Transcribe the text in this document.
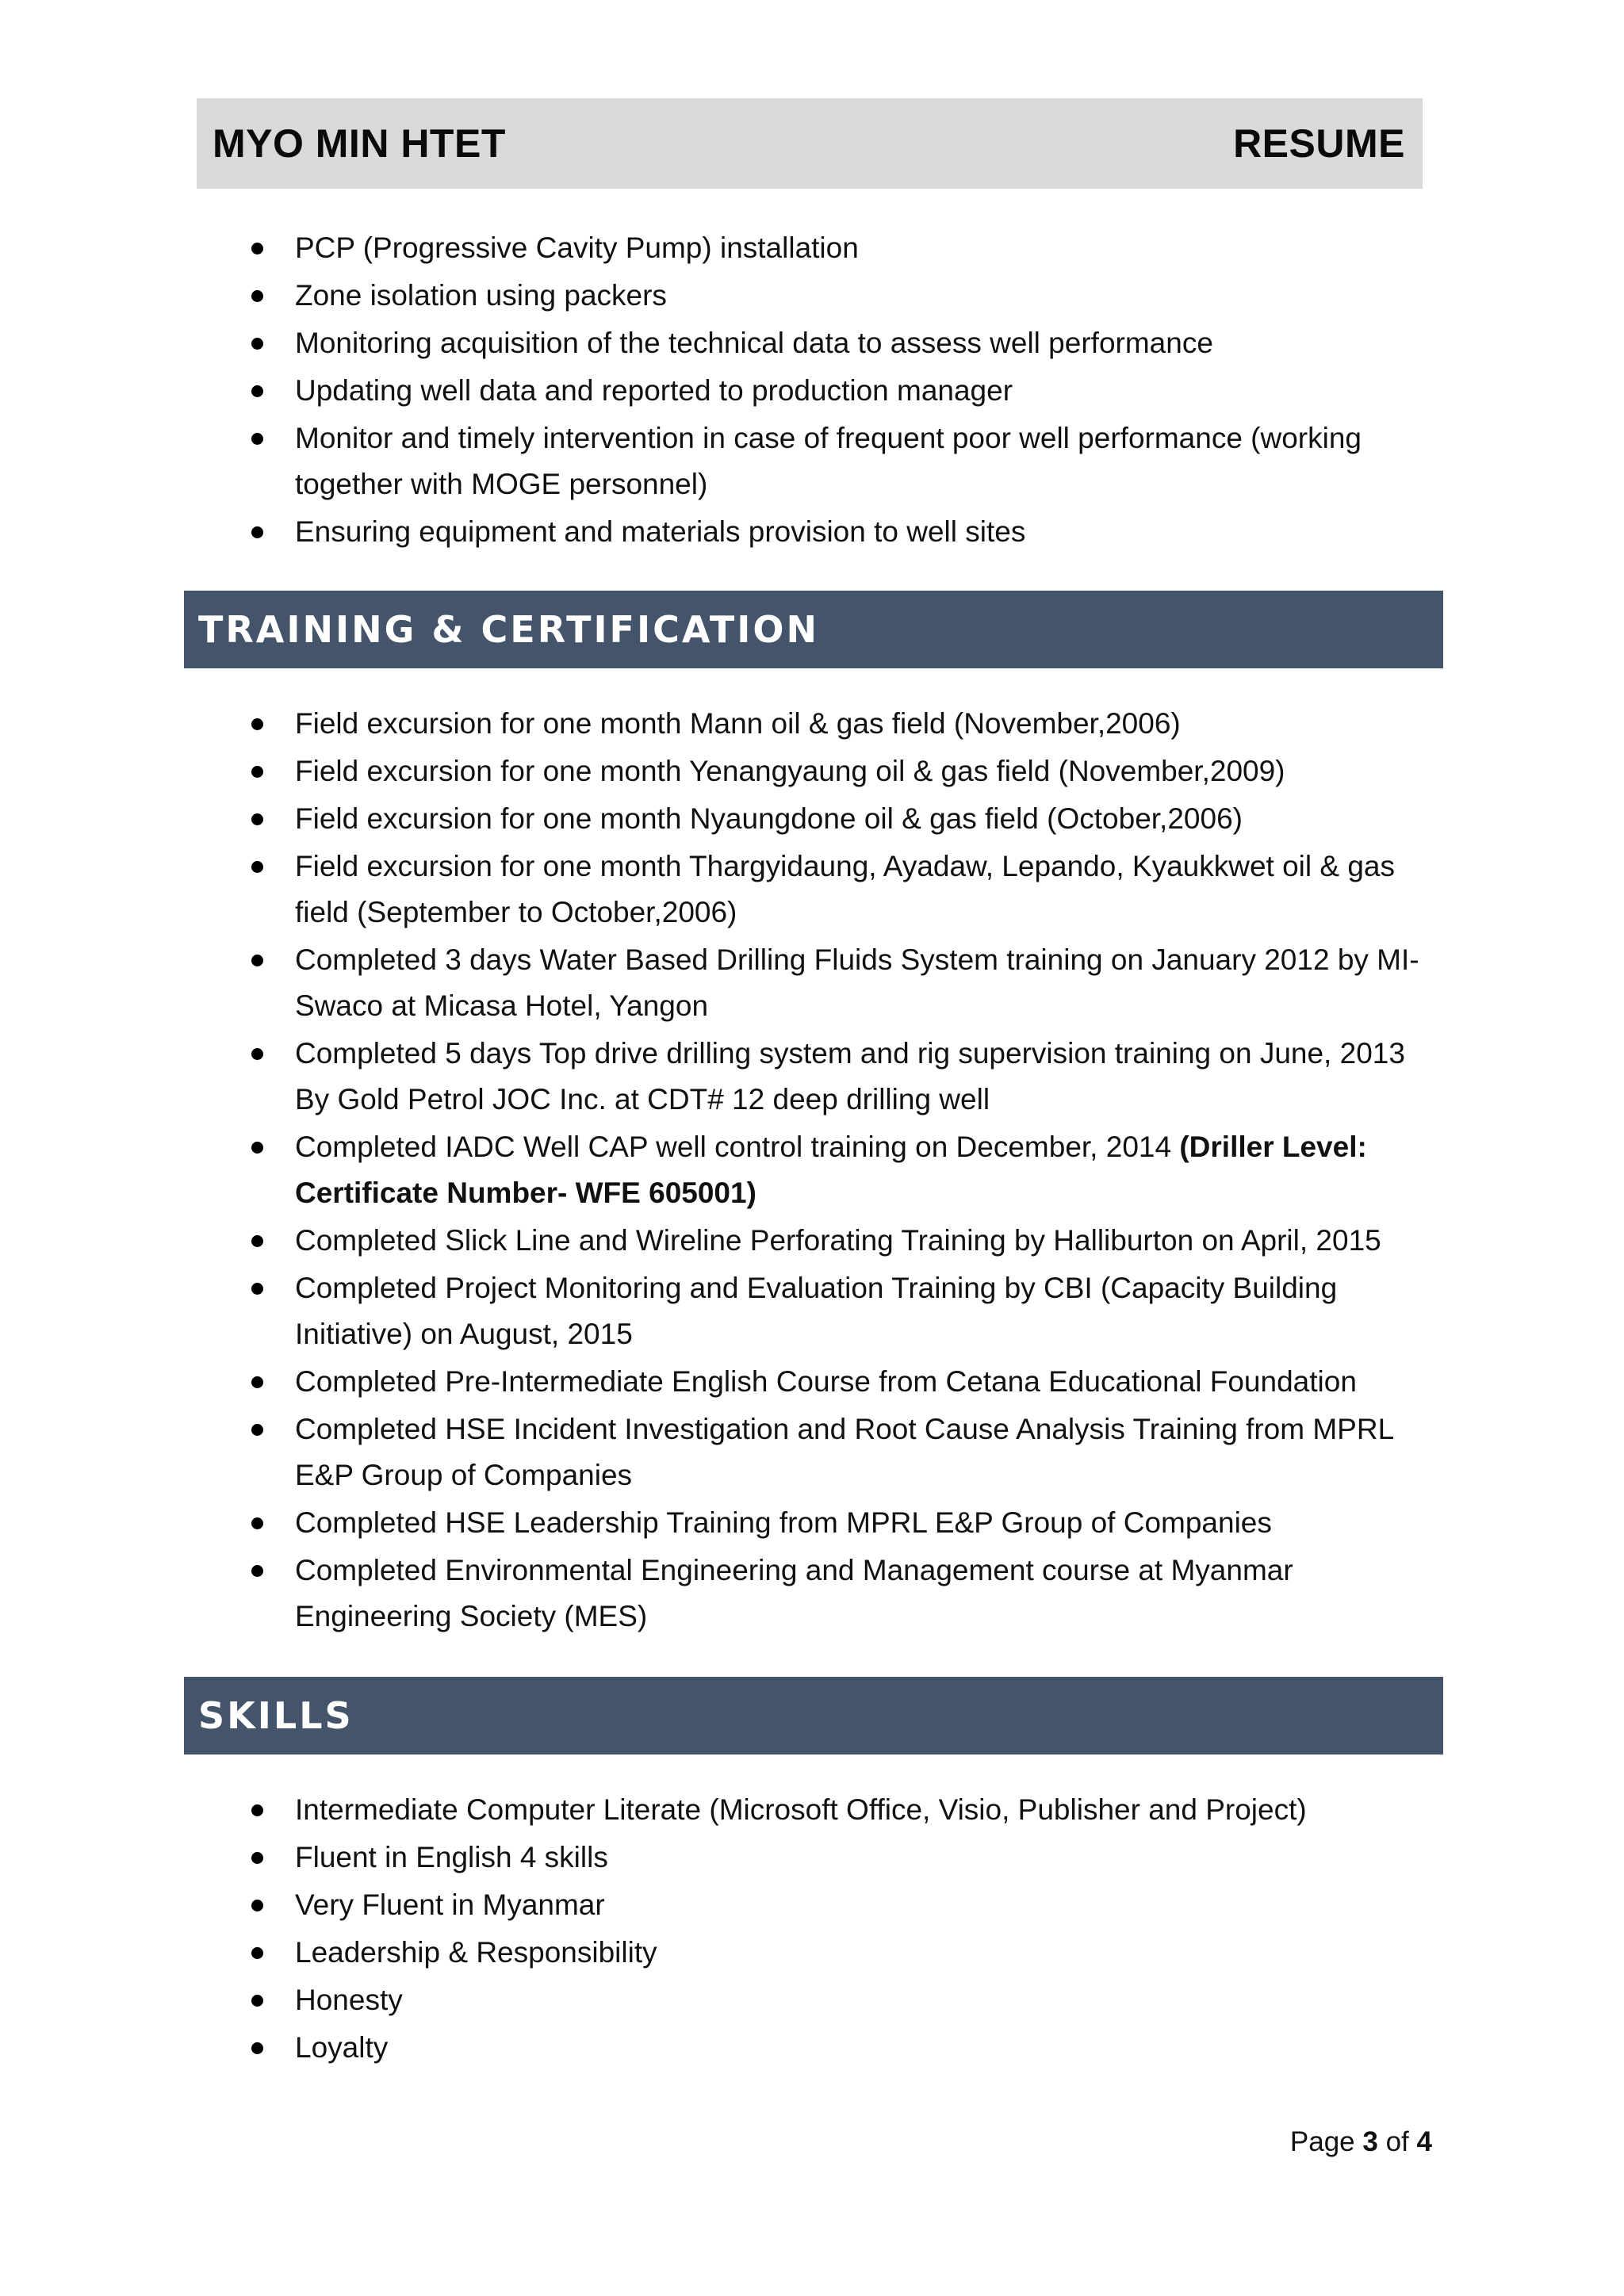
MYO MIN HTET	RESUME
PCP (Progressive Cavity Pump) installation
Zone isolation using packers
Monitoring acquisition of the technical data to assess well performance
Updating well data and reported to production manager
Monitor and timely intervention in case of frequent poor well performance (working together with MOGE personnel)
Ensuring equipment and materials provision to well sites
TRAINING & CERTIFICATION
Field excursion for one month Mann oil & gas field (November,2006)
Field excursion for one month Yenangyaung oil & gas field (November,2009)
Field excursion for one month Nyaungdone oil & gas field (October,2006)
Field excursion for one month Thargyidaung, Ayadaw, Lepando, Kyaukkwet oil & gas field (September to October,2006)
Completed 3 days Water Based Drilling Fluids System training on January 2012 by MI-Swaco at Micasa Hotel, Yangon
Completed 5 days Top drive drilling system and rig supervision training on June, 2013 By Gold Petrol JOC Inc. at CDT# 12 deep drilling well
Completed IADC Well CAP well control training on December, 2014 (Driller Level: Certificate Number- WFE 605001)
Completed Slick Line and Wireline Perforating Training by Halliburton on April, 2015
Completed Project Monitoring and Evaluation Training by CBI (Capacity Building Initiative) on August, 2015
Completed Pre-Intermediate English Course from Cetana Educational Foundation
Completed HSE Incident Investigation and Root Cause Analysis Training from MPRL E&P Group of Companies
Completed HSE Leadership Training from MPRL E&P Group of Companies
Completed Environmental Engineering and Management course at Myanmar Engineering Society (MES)
SKILLS
Intermediate Computer Literate (Microsoft Office, Visio, Publisher and Project)
Fluent in English 4 skills
Very Fluent in Myanmar
Leadership & Responsibility
Honesty
Loyalty
Page 3 of 4
